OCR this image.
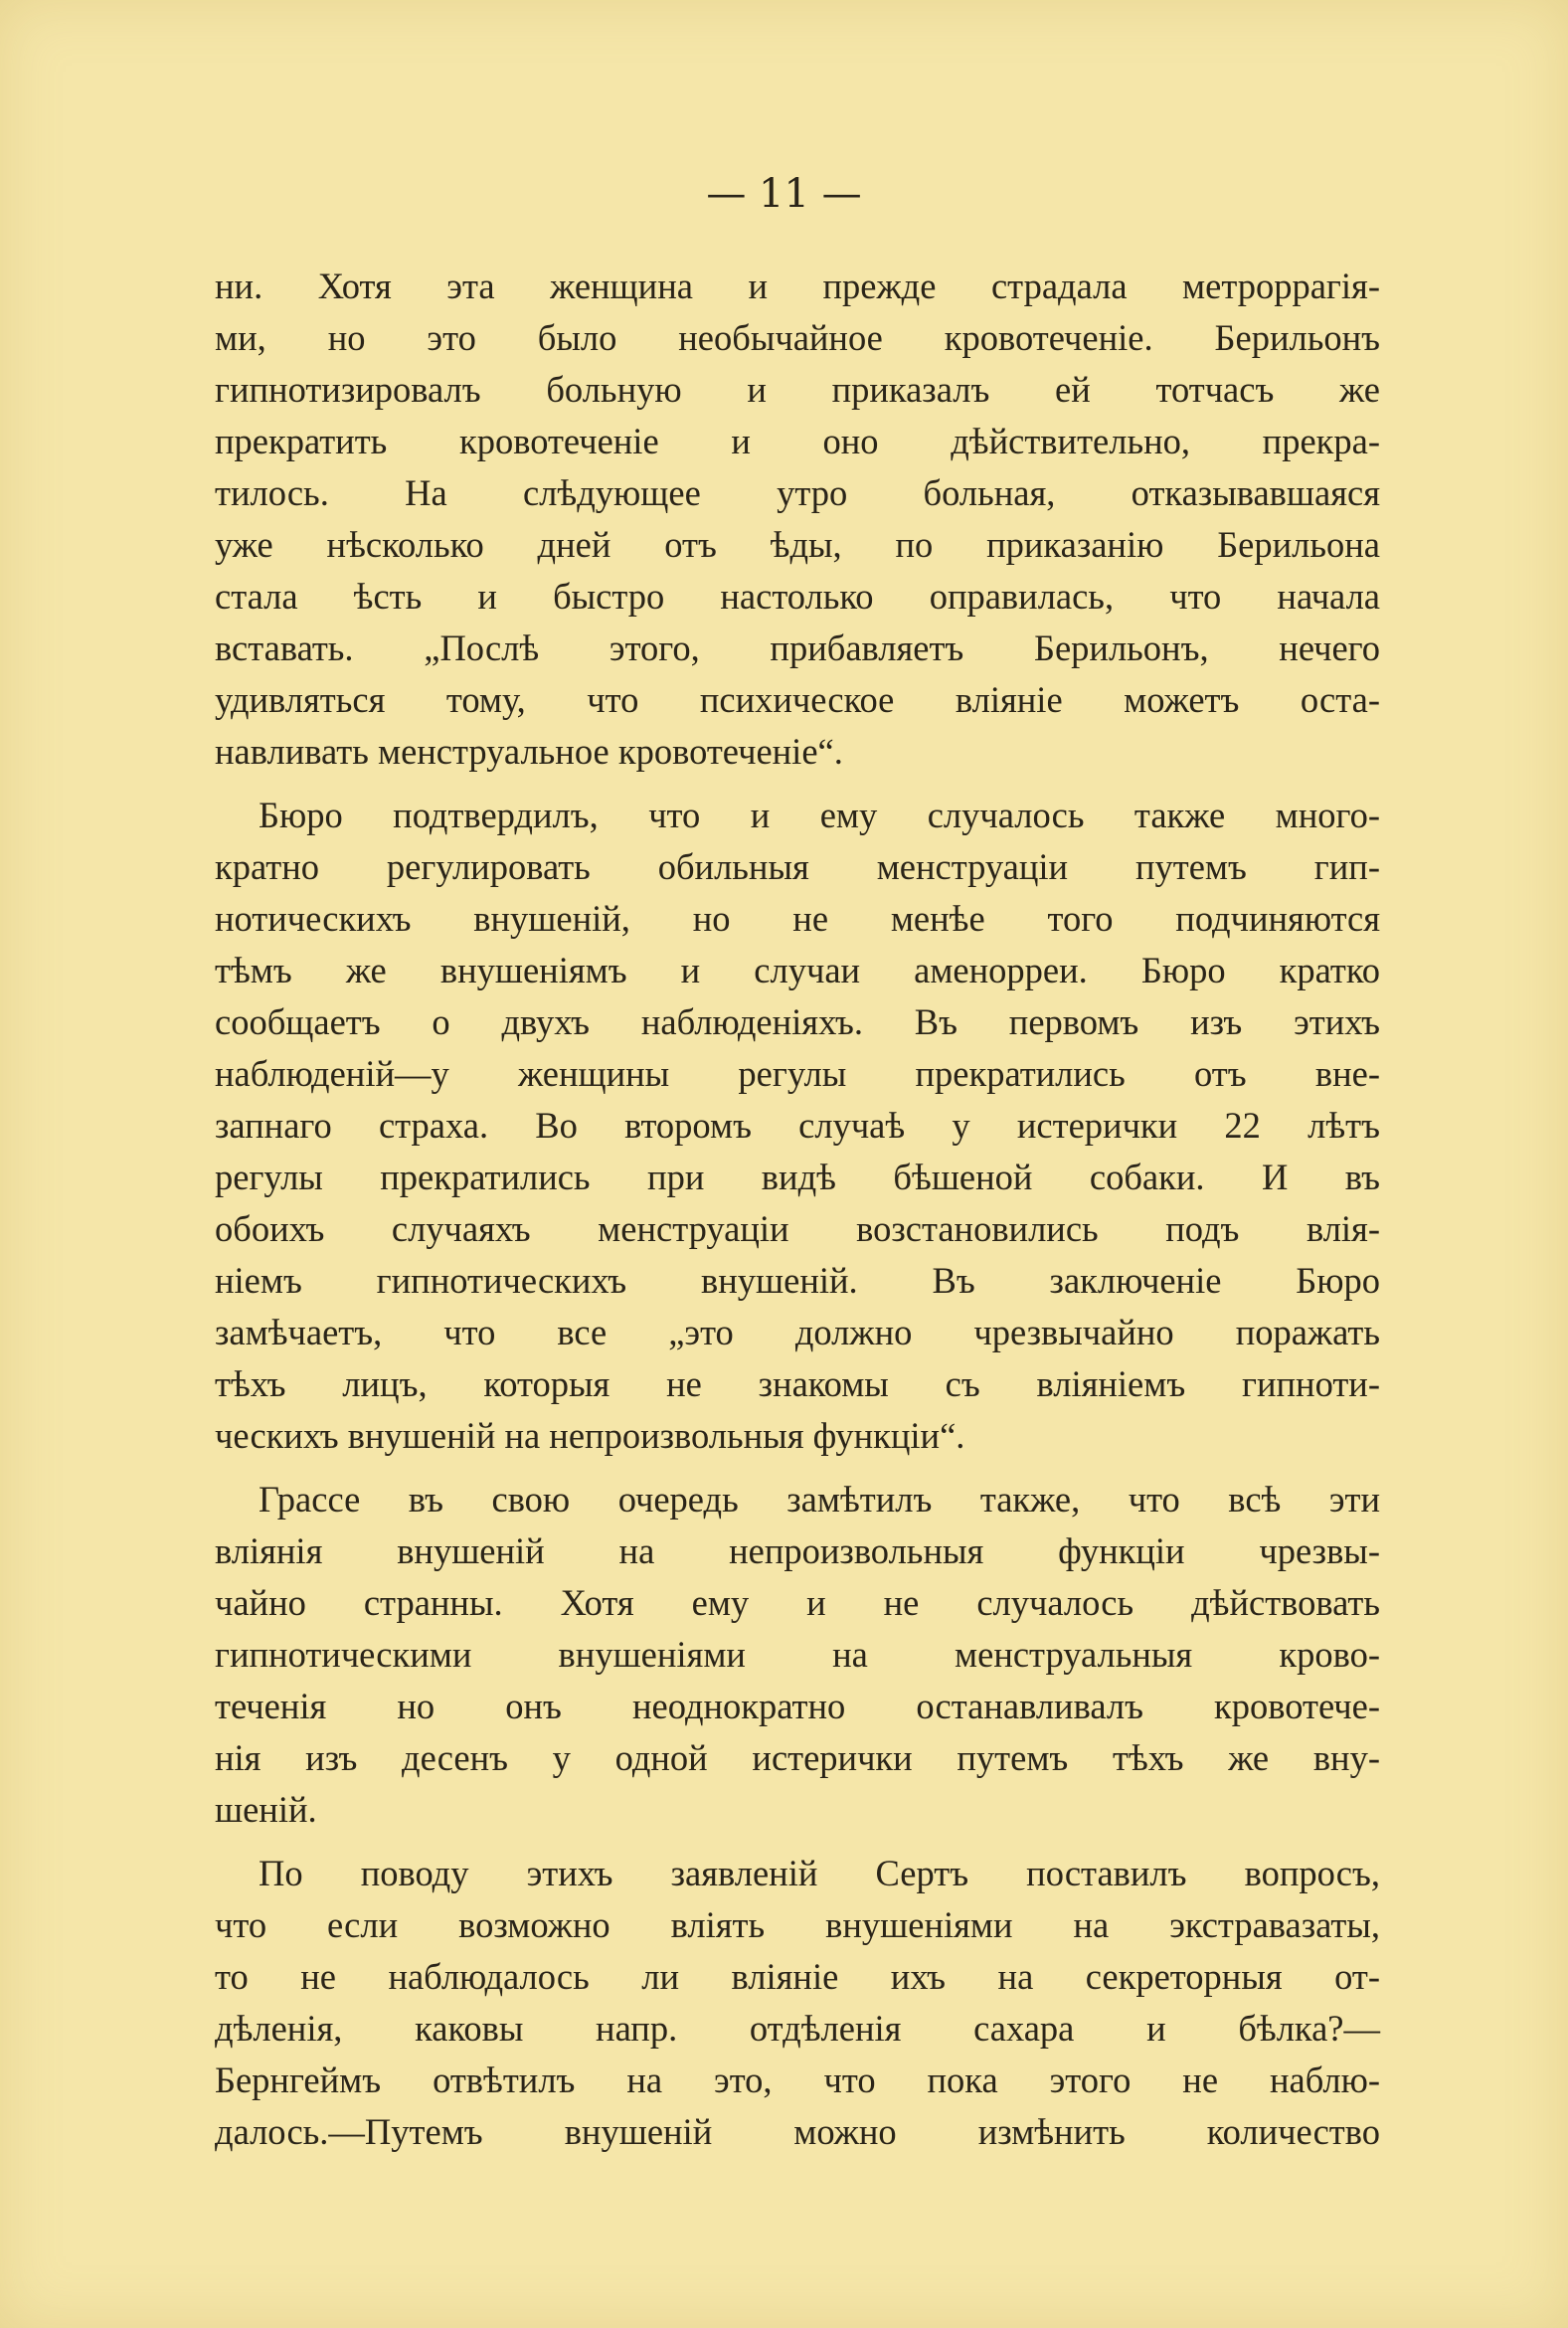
— 11 —
ни. Хотя эта женщина и прежде страдала метроррагія-
ми, но это было необычайное кровотеченіе. Берильонъ
гипнотизировалъ больную и приказалъ ей тотчасъ же
прекратить кровотеченіе и оно дѣйствительно, прекра-
тилось. На слѣдующее утро больная, отказывавшаяся
уже нѣсколько дней отъ ѣды, по приказанію Берильона
стала ѣсть и быстро настолько оправилась, что начала
вставать. „Послѣ этого, прибавляетъ Берильонъ, нечего
удивляться тому, что психическое вліяніе можетъ оста-
навливать менструальное кровотеченіе“.
Бюро подтвердилъ, что и ему случалось также много-
кратно регулировать обильныя менструаціи путемъ гип-
нотическихъ внушеній, но не менѣе того подчиняются
тѣмъ же внушеніямъ и случаи аменорреи. Бюро кратко
сообщаетъ о двухъ наблюденіяхъ. Въ первомъ изъ этихъ
наблюденій—у женщины регулы прекратились отъ вне-
запнаго страха. Во второмъ случаѣ у истерички 22 лѣтъ
регулы прекратились при видѣ бѣшеной собаки. И въ
обоихъ случаяхъ менструаціи возстановились подъ влія-
ніемъ гипнотическихъ внушеній. Въ заключеніе Бюро
замѣчаетъ, что все „это должно чрезвычайно поражать
тѣхъ лицъ, которыя не знакомы съ вліяніемъ гипноти-
ческихъ внушеній на непроизвольныя функціи“.
Грассе въ свою очередь замѣтилъ также, что всѣ эти
вліянія внушеній на непроизвольныя функціи чрезвы-
чайно странны. Хотя ему и не случалось дѣйствовать
гипнотическими внушеніями на менструальныя крово-
теченія но онъ неоднократно останавливалъ кровотече-
нія изъ десенъ у одной истерички путемъ тѣхъ же вну-
шеній.
По поводу этихъ заявленій Сертъ поставилъ вопросъ,
что если возможно вліять внушеніями на экстравазаты,
то не наблюдалось ли вліяніе ихъ на секреторныя от-
дѣленія, каковы напр. отдѣленія сахара и бѣлка?—
Бернгеймъ отвѣтилъ на это, что пока этого не наблю-
далось.—Путемъ внушеній можно измѣнить количество
